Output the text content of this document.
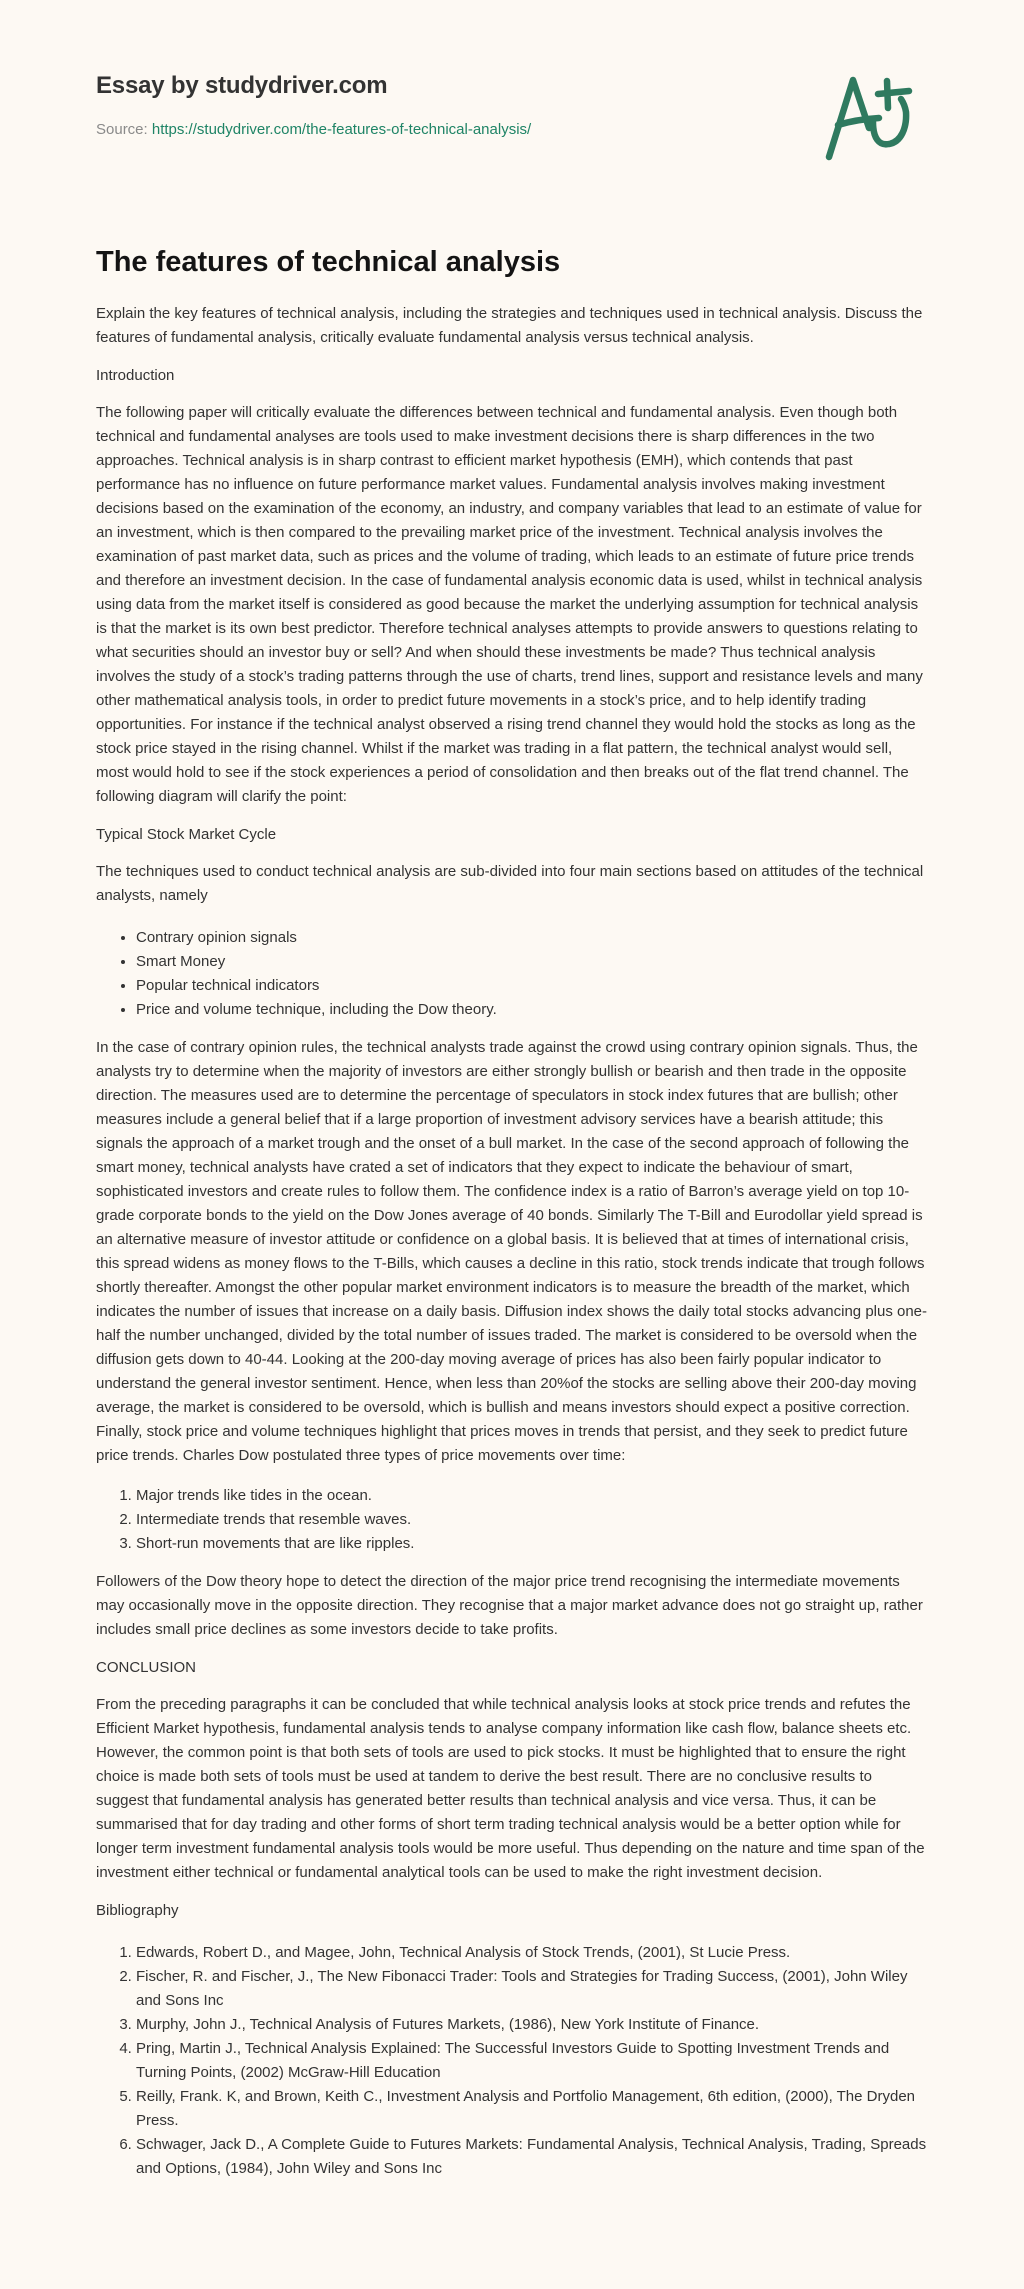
Essay by studydriver.com
Source: https://studydriver.com/the-features-of-technical-analysis/
The features of technical analysis

Explain the key features of technical analysis, including the strategies and techniques used in technical analysis. Discuss the features of fundamental analysis, critically evaluate fundamental analysis versus technical analysis.

Introduction

The following paper will critically evaluate the differences between technical and fundamental analysis. Even though both technical and fundamental analyses are tools used to make investment decisions there is sharp differences in the two approaches. Technical analysis is in sharp contrast to efficient market hypothesis (EMH), which contends that past performance has no influence on future performance market values. Fundamental analysis involves making investment decisions based on the examination of the economy, an industry, and company variables that lead to an estimate of value for an investment, which is then compared to the prevailing market price of the investment. Technical analysis involves the examination of past market data, such as prices and the volume of trading, which leads to an estimate of future price trends and therefore an investment decision. In the case of fundamental analysis economic data is used, whilst in technical analysis using data from the market itself is considered as good because the market the underlying assumption for technical analysis is that the market is its own best predictor. Therefore technical analyses attempts to provide answers to questions relating to what securities should an investor buy or sell? And when should these investments be made? Thus technical analysis involves the study of a stock’s trading patterns through the use of charts, trend lines, support and resistance levels and many other mathematical analysis tools, in order to predict future movements in a stock’s price, and to help identify trading opportunities. For instance if the technical analyst observed a rising trend channel they would hold the stocks as long as the stock price stayed in the rising channel. Whilst if the market was trading in a flat pattern, the technical analyst would sell, most would hold to see if the stock experiences a period of consolidation and then breaks out of the flat trend channel. The following diagram will clarify the point:

Typical Stock Market Cycle

The techniques used to conduct technical analysis are sub-divided into four main sections based on attitudes of the technical analysts, namely

• Contrary opinion signals
• Smart Money
• Popular technical indicators
• Price and volume technique, including the Dow theory.

In the case of contrary opinion rules, the technical analysts trade against the crowd using contrary opinion signals. Thus, the analysts try to determine when the majority of investors are either strongly bullish or bearish and then trade in the opposite direction. The measures used are to determine the percentage of speculators in stock index futures that are bullish; other measures include a general belief that if a large proportion of investment advisory services have a bearish attitude; this signals the approach of a market trough and the onset of a bull market. In the case of the second approach of following the smart money, technical analysts have crated a set of indicators that they expect to indicate the behaviour of smart, sophisticated investors and create rules to follow them. The confidence index is a ratio of Barron’s average yield on top 10-grade corporate bonds to the yield on the Dow Jones average of 40 bonds. Similarly The T-Bill and Eurodollar yield spread is an alternative measure of investor attitude or confidence on a global basis. It is believed that at times of international crisis, this spread widens as money flows to the T-Bills, which causes a decline in this ratio, stock trends indicate that trough follows shortly thereafter. Amongst the other popular market environment indicators is to measure the breadth of the market, which indicates the number of issues that increase on a daily basis. Diffusion index shows the daily total stocks advancing plus one-half the number unchanged, divided by the total number of issues traded. The market is considered to be oversold when the diffusion gets down to 40-44. Looking at the 200-day moving average of prices has also been fairly popular indicator to understand the general investor sentiment. Hence, when less than 20%of the stocks are selling above their 200-day moving average, the market is considered to be oversold, which is bullish and means investors should expect a positive correction. Finally, stock price and volume techniques highlight that prices moves in trends that persist, and they seek to predict future price trends. Charles Dow postulated three types of price movements over time:

1. Major trends like tides in the ocean.
2. Intermediate trends that resemble waves.
3. Short-run movements that are like ripples.

Followers of the Dow theory hope to detect the direction of the major price trend recognising the intermediate movements may occasionally move in the opposite direction. They recognise that a major market advance does not go straight up, rather includes small price declines as some investors decide to take profits.

CONCLUSION

From the preceding paragraphs it can be concluded that while technical analysis looks at stock price trends and refutes the Efficient Market hypothesis, fundamental analysis tends to analyse company information like cash flow, balance sheets etc. However, the common point is that both sets of tools are used to pick stocks. It must be highlighted that to ensure the right choice is made both sets of tools must be used at tandem to derive the best result. There are no conclusive results to suggest that fundamental analysis has generated better results than technical analysis and vice versa. Thus, it can be summarised that for day trading and other forms of short term trading technical analysis would be a better option while for longer term investment fundamental analysis tools would be more useful. Thus depending on the nature and time span of the investment either technical or fundamental analytical tools can be used to make the right investment decision.

Bibliography

1. Edwards, Robert D., and Magee, John, Technical Analysis of Stock Trends, (2001), St Lucie Press.
2. Fischer, R. and Fischer, J., The New Fibonacci Trader: Tools and Strategies for Trading Success, (2001), John Wiley and Sons Inc
3. Murphy, John J., Technical Analysis of Futures Markets, (1986), New York Institute of Finance.
4. Pring, Martin J., Technical Analysis Explained: The Successful Investors Guide to Spotting Investment Trends and Turning Points, (2002) McGraw-Hill Education
5. Reilly, Frank. K, and Brown, Keith C., Investment Analysis and Portfolio Management, 6th edition, (2000), The Dryden Press.
6. Schwager, Jack D., A Complete Guide to Futures Markets: Fundamental Analysis, Technical Analysis, Trading, Spreads and Options, (1984), John Wiley and Sons Inc
